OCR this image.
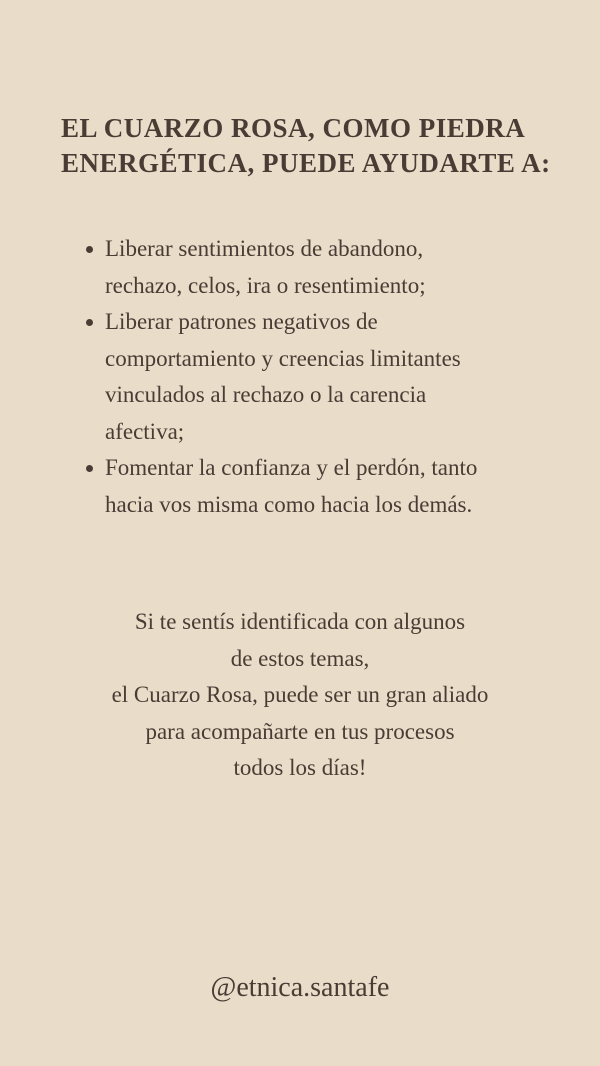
EL CUARZO ROSA, COMO PIEDRA
ENERGÉTICA, PUEDE AYUDARTE A:
Liberar sentimientos de abandono,
rechazo, celos, ira o resentimiento;
Liberar patrones negativos de
comportamiento y creencias limitantes
vinculados al rechazo o la carencia
afectiva;
Fomentar la confianza y el perdón, tanto
hacia vos misma como hacia los demás.

Si te sentís identificada con algunos
de estos temas,
el Cuarzo Rosa, puede ser un gran aliado
para acompañarte en tus procesos
todos los días!

@etnica.santafe
